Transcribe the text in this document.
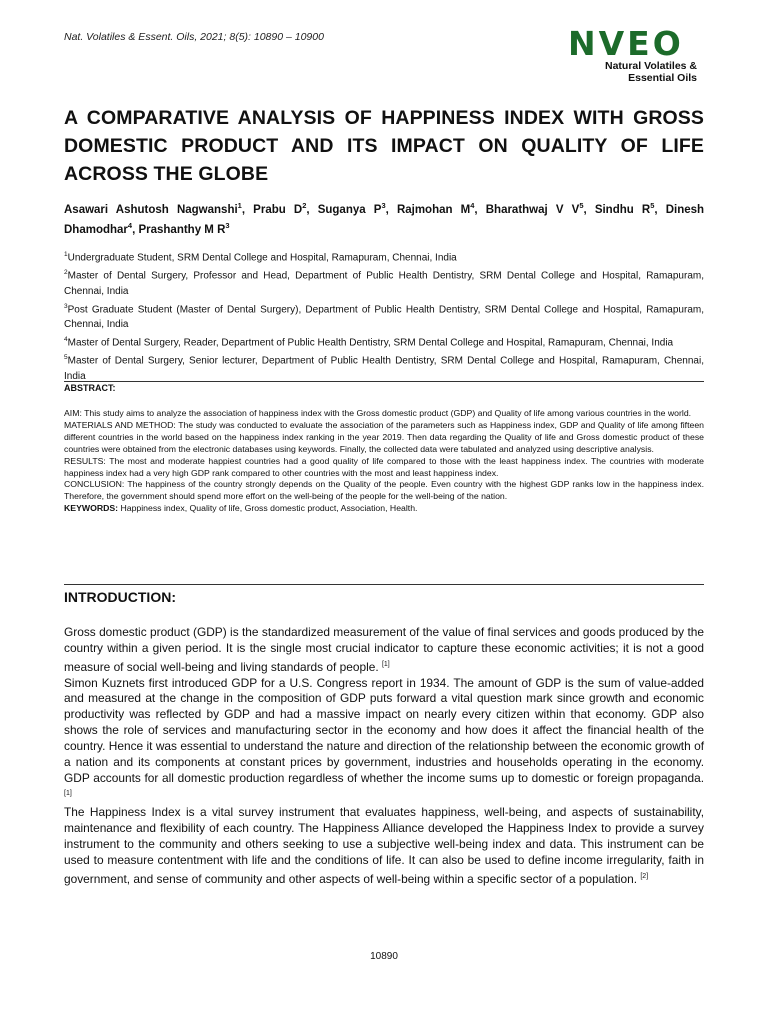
Nat. Volatiles & Essent. Oils, 2021; 8(5): 10890 – 10900	NVEO
Natural Volatiles &
Essential Oils
A COMPARATIVE ANALYSIS OF HAPPINESS INDEX WITH GROSS DOMESTIC PRODUCT AND ITS IMPACT ON QUALITY OF LIFE ACROSS THE GLOBE
Asawari Ashutosh Nagwanshi$^1$, Prabu $D^2$, Suganya $P^3$, Rajmohan $M^4$, Bharathwaj V $V^5$, Sindhu $R^5$, Dinesh Dhamodhar$^4$, Prashanthy M $R^3$

$^1$Undergraduate Student, SRM Dental College and Hospital, Ramapuram, Chennai, India

$^2$Master of Dental Surgery, Professor and Head, Department of Public Health Dentistry, SRM Dental College and Hospital, Ramapuram, Chennai, India

$^3$Post Graduate Student (Master of Dental Surgery), Department of Public Health Dentistry, SRM Dental College and Hospital, Ramapuram, Chennai, India

$^4$Master of Dental Surgery, Reader, Department of Public Health Dentistry, SRM Dental College and Hospital, Ramapuram, Chennai, India

$^5$Master of Dental Surgery, Senior lecturer, Department of Public Health Dentistry, SRM Dental College and Hospital, Ramapuram, Chennai, India

ABSTRACT:

AIM: This study aims to analyze the association of happiness index with the Gross domestic product (GDP) and Quality of life among various countries in the world.

MATERIALS AND METHOD: The study was conducted to evaluate the association of the parameters such as Happiness index, GDP and Quality of life among fifteen different countries in the world based on the happiness index ranking in the year 2019. Then data regarding the Quality of life and Gross domestic product of these countries were obtained from the electronic databases using keywords. Finally, the collected data were tabulated and analyzed using descriptive analysis.

RESULTS: The most and moderate happiest countries had a good quality of life compared to those with the least happiness index. The countries with moderate happiness index had a very high GDP rank compared to other countries with the most and least happiness index.

CONCLUSION: The happiness of the country strongly depends on the Quality of the people. Even country with the highest GDP ranks low in the happiness index. Therefore, the government should spend more effort on the well-being of the people for the well-being of the nation.

KEYWORDS: Happiness index, Quality of life, Gross domestic product, Association, Health.

INTRODUCTION:

Gross domestic product (GDP) is the standardized measurement of the value of final services and goods produced by the country within a given period. It is the single most crucial indicator to capture these economic activities; it is not a good measure of social well-being and living standards of people. [1]

Simon Kuznets first introduced GDP for a U.S. Congress report in 1934. The amount of GDP is the sum of value-added and measured at the change in the composition of GDP puts forward a vital question mark since growth and economic productivity was reflected by GDP and had a massive impact on nearly every citizen within that economy. GDP also shows the role of services and manufacturing sector in the economy and how does it affect the financial health of the country. Hence it was essential to understand the nature and direction of the relationship between the economic growth of a nation and its components at constant prices by government, industries and households operating in the economy. GDP accounts for all domestic production regardless of whether the income sums up to domestic or foreign propaganda. [1]

The Happiness Index is a vital survey instrument that evaluates happiness, well-being, and aspects of sustainability, maintenance and flexibility of each country. The Happiness Alliance developed the Happiness Index to provide a survey instrument to the community and others seeking to use a subjective well-being index and data. This instrument can be used to measure contentment with life and the conditions of life. It can also be used to define income irregularity, faith in government, and sense of community and other aspects of well-being within a specific sector of a population. [2]

10890
